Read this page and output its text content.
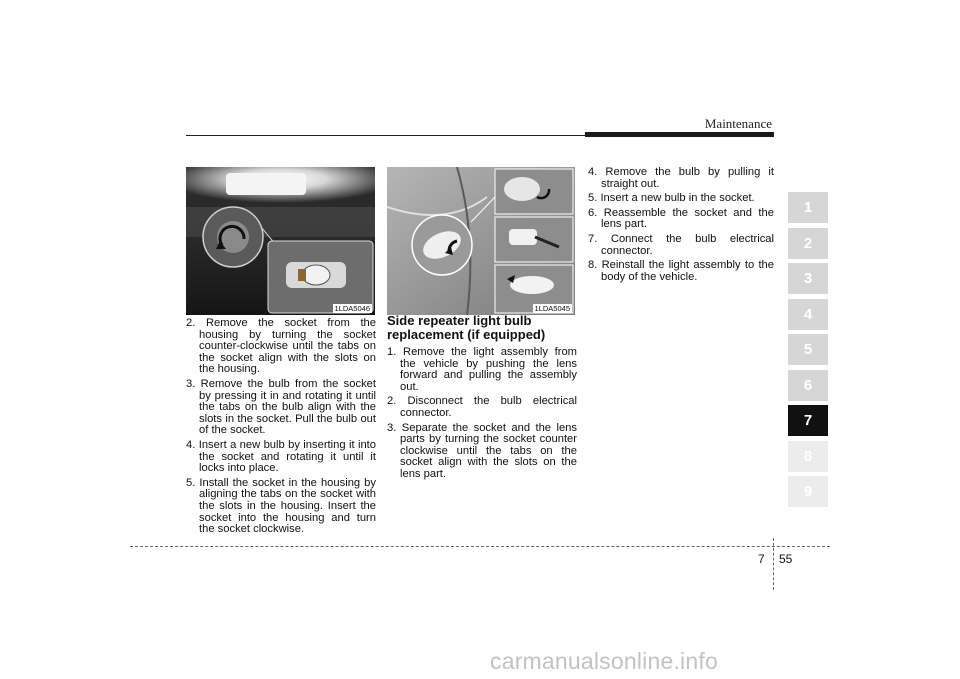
Maintenance
1LDA5046	1LDA5045
2. Remove the socket from the housing by turning the socket counter-clockwise until the tabs on the socket align with the slots on the housing.
3. Remove the bulb from the socket by pressing it in and rotating it until the tabs on the bulb align with the slots in the socket. Pull the bulb out of the socket.
4. Insert a new bulb by inserting it into the socket and rotating it until it locks into place.
5. Install the socket in the housing by aligning the tabs on the socket with the slots in the housing. Insert the socket into the housing and turn the socket clockwise.
Side repeater light bulb replacement (if equipped)
1. Remove the light assembly from the vehicle by pushing the lens forward and pulling the assembly out.
2. Disconnect the bulb electrical connector.
3. Separate the socket and the lens parts by turning the socket counter clockwise until the tabs on the socket align with the slots on the lens part.
4. Remove the bulb by pulling it straight out.
5. Insert a new bulb in the socket.
6. Reassemble the socket and the lens part.
7. Connect the bulb electrical connector.
8. Reinstall the light assembly to the body of the vehicle.
1
2
3
4
5
6
7
8
9
7 55
carmanualsonline.info
